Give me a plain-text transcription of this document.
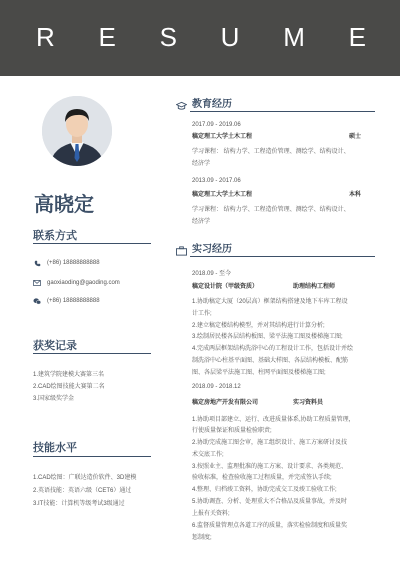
R E S U M E
高晓定
联系方式
(+86) 18888888888
gaoxiaoding@gaoding.com
(+86) 18888888888
获奖记录
1.建筑学院建模大赛第三名
2.CAD绘图技能大赛第二名
3.国家级奖学金
技能水平
1.CAD绘图：广联达造价软件、3D建模
2.英语技能：英语六级（CET6）通过
3.IT技能：计算机等级考试3级通过
教育经历
2017.09 - 2019.06
稿定理工大学土木工程	硕士
学习课程： 结构力学、工程造价管理、测绘学、结构设计、
经济学
2013.09 - 2017.06
稿定理工大学土木工程	本科
学习课程： 结构力学、工程造价管理、测绘学、结构设计、
经济学
实习经历
2018.09 - 至今
稿定设计院（甲级资质）	助理结构工程师
1.协助稿定大厦（20层高）框架结构搭建及地下车库工程设
计工作;
2.建立稿定楼结构模型，并对其结构进行计算分析;
3.绘制居民楼各层结构板图、梁平法施工图及楼梯施工图;
4.完成两层框架结构洗浴中心的工程设计工作，包括设计并绘
制洗浴中心柱基平面图、基础大样图、各层结构模板、配筋
图、各层梁平法施工图、柱网平面图及楼梯施工图;
2018.09 - 2018.12
稿定房地产开发有限公司	实习资料员
1.协助项目部建立、运行、改进质量体系,协助工程质量管理，
行使质量保证和质量检验职责;
2.协助完成施工图会审，施工组织设计、施工方案研讨及技
术交底工作;
3.按照业主、监理批准的施工方案、设计要求、各类规范、
验收标准，检查验收施工过程质量，并完成签认手续;
4.整理、归档竣工资料，协助完成交工及竣工验收工作;
5.协助调查、分析、处理重大不合格品及质量事故，并及时
上报有关资料;
6.监督质量管理点各道工序的质量，落实检验制度和质量奖
惩制度;
